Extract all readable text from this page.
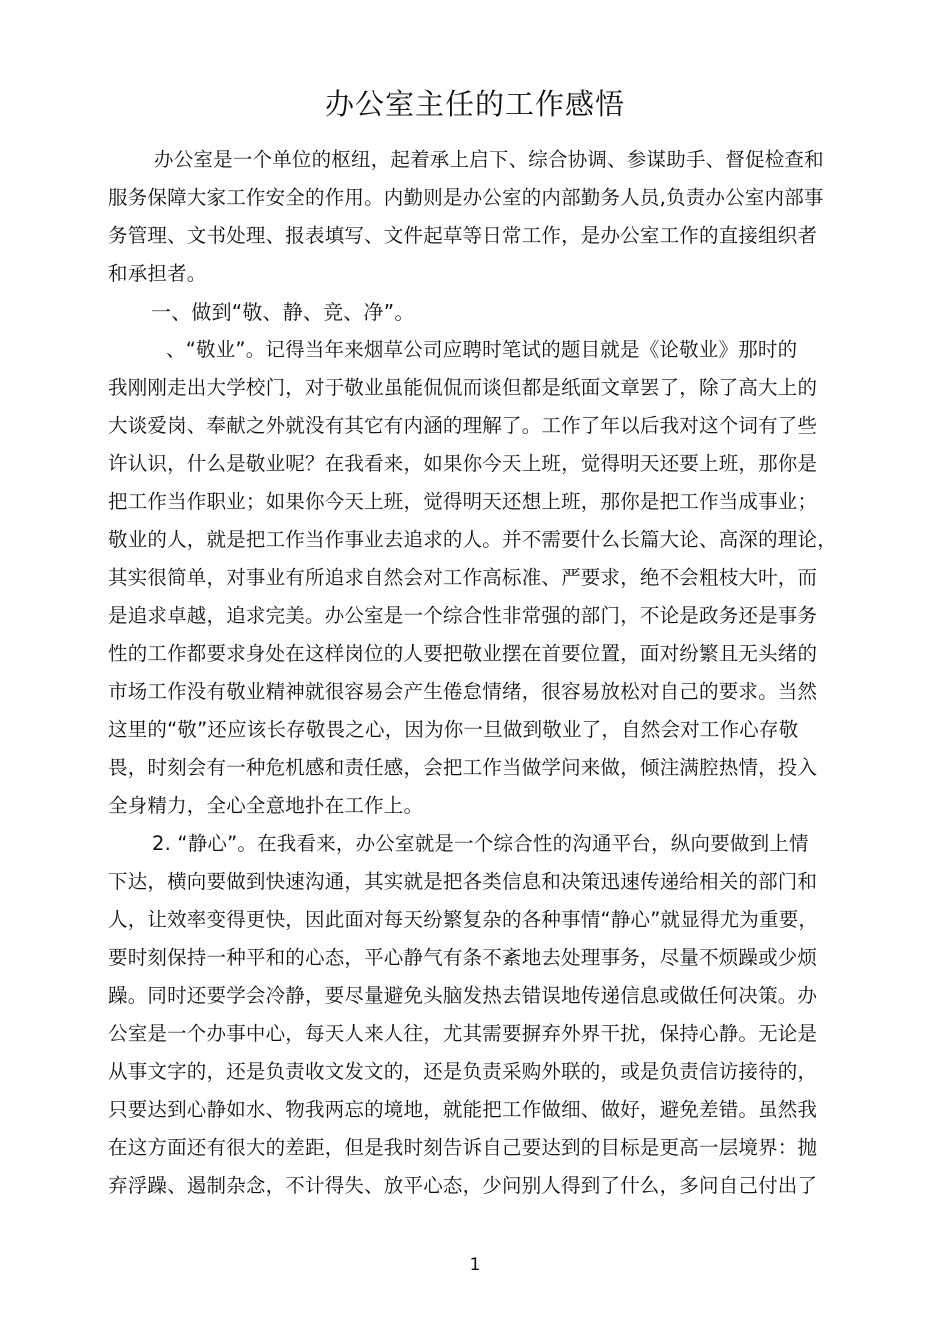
办公室主任的工作感悟

办公室是一个单位的枢纽，起着承上启下、综合协调、参谋助手、督促检查和

服务保障大家工作安全的作用。内勤则是办公室的内部勤务人员,负责办公室内部事

务管理、文书处理、报表填写、文件起草等日常工作，是办公室工作的直接组织者

和承担者。

一、做到“敬、静、竞、净”。

、“敬业”。记得当年来烟草公司应聘时笔试的题目就是《论敬业》那时的

我刚刚走出大学校门，对于敬业虽能侃侃而谈但都是纸面文章罢了，除了高大上的

大谈爱岗、奉献之外就没有其它有内涵的理解了。工作了年以后我对这个词有了些

许认识，什么是敬业呢？在我看来，如果你今天上班，觉得明天还要上班，那你是

把工作当作职业；如果你今天上班，觉得明天还想上班，那你是把工作当成事业；

敬业的人，就是把工作当作事业去追求的人。并不需要什么长篇大论、高深的理论，

其实很简单，对事业有所追求自然会对工作高标准、严要求，绝不会粗枝大叶，而

是追求卓越，追求完美。办公室是一个综合性非常强的部门，不论是政务还是事务

性的工作都要求身处在这样岗位的人要把敬业摆在首要位置，面对纷繁且无头绪的

市场工作没有敬业精神就很容易会产生倦怠情绪，很容易放松对自己的要求。当然

这里的“敬”还应该长存敬畏之心，因为你一旦做到敬业了，自然会对工作心存敬

畏，时刻会有一种危机感和责任感，会把工作当做学问来做，倾注满腔热情，投入

全身精力，全心全意地扑在工作上。

2. “静心”。在我看来，办公室就是一个综合性的沟通平台，纵向要做到上情

下达，横向要做到快速沟通，其实就是把各类信息和决策迅速传递给相关的部门和

人，让效率变得更快，因此面对每天纷繁复杂的各种事情“静心”就显得尤为重要，

要时刻保持一种平和的心态，平心静气有条不紊地去处理事务，尽量不烦躁或少烦

躁。同时还要学会冷静，要尽量避免头脑发热去错误地传递信息或做任何决策。办

公室是一个办事中心，每天人来人往，尤其需要摒弃外界干扰，保持心静。无论是

从事文字的，还是负责收文发文的，还是负责采购外联的，或是负责信访接待的，

只要达到心静如水、物我两忘的境地，就能把工作做细、做好，避免差错。虽然我

在这方面还有很大的差距，但是我时刻告诉自己要达到的目标是更高一层境界：抛

弃浮躁、遏制杂念，不计得失、放平心态，少问别人得到了什么，多问自己付出了

1
